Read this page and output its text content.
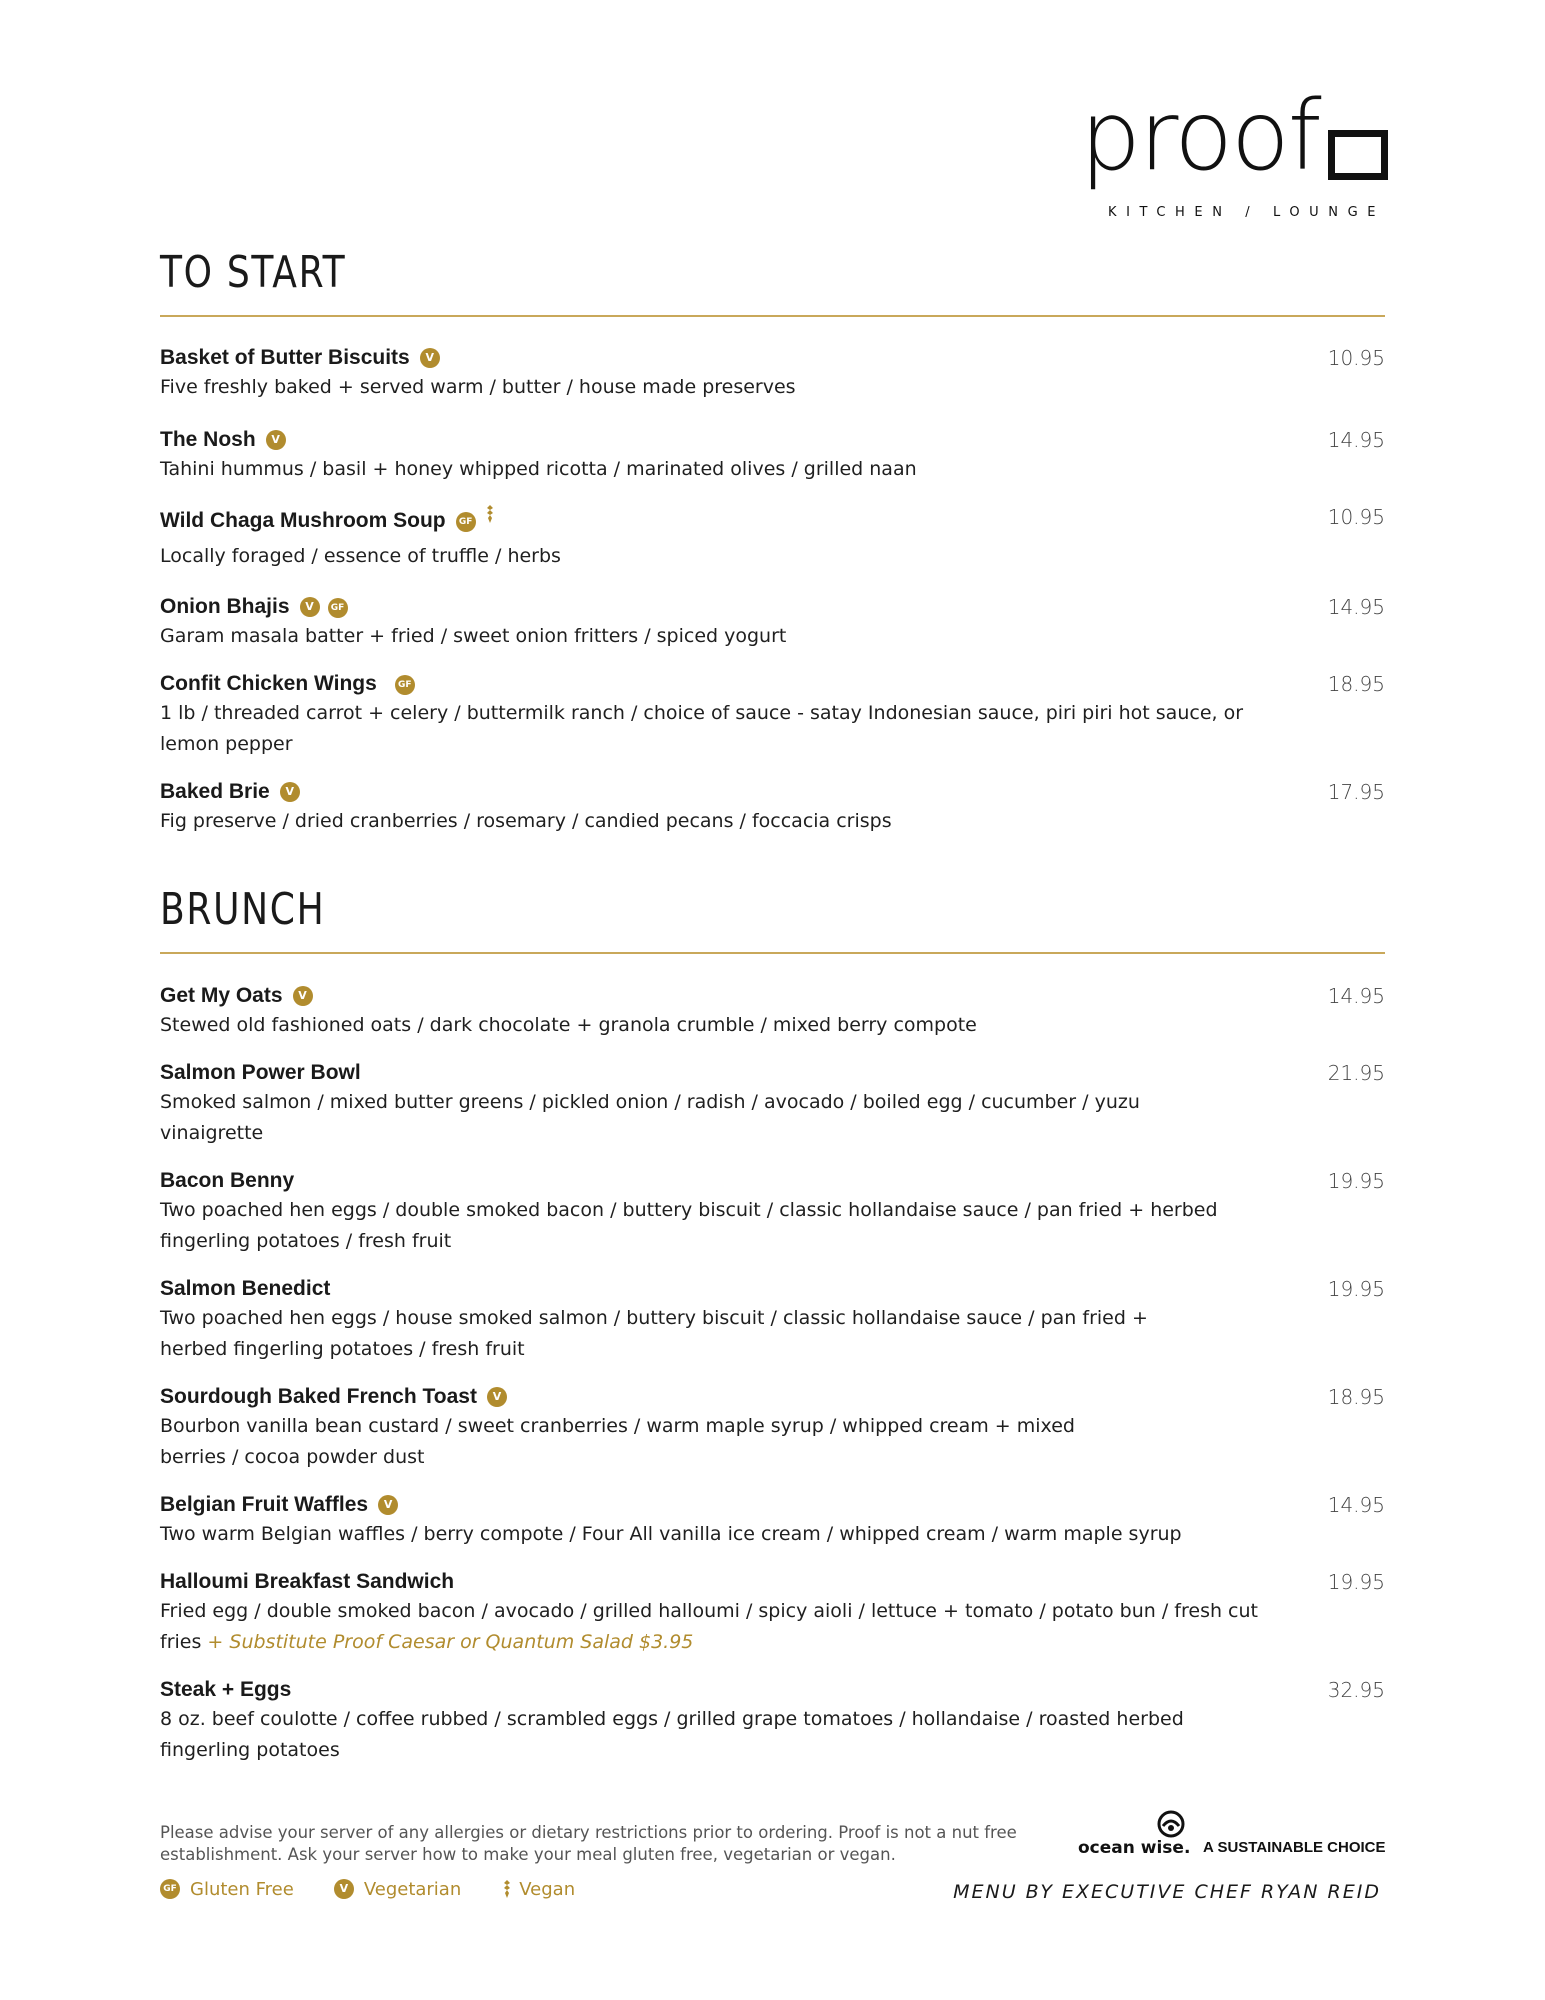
proof
KITCHEN / LOUNGE
TO START
Basket of Butter Biscuits V
Five freshly baked + served warm / butter / house made preserves
10.95
The Nosh V
Tahini hummus / basil + honey whipped ricotta / marinated olives / grilled naan
14.95
Wild Chaga Mushroom Soup GF
Locally foraged / essence of truffle / herbs
10.95
Onion Bhajis V GF
Garam masala batter + fried / sweet onion fritters / spiced yogurt
14.95
Confit Chicken Wings GF
1 lb / threaded carrot + celery / buttermilk ranch / choice of sauce - satay Indonesian sauce, piri piri hot sauce, or lemon pepper
18.95
Baked Brie V
Fig preserve / dried cranberries / rosemary / candied pecans / foccacia crisps
17.95
BRUNCH
Get My Oats V
Stewed old fashioned oats / dark chocolate + granola crumble / mixed berry compote
14.95
Salmon Power Bowl
Smoked salmon / mixed butter greens / pickled onion / radish / avocado / boiled egg / cucumber / yuzu vinaigrette
21.95
Bacon Benny
Two poached hen eggs / double smoked bacon / buttery biscuit / classic hollandaise sauce / pan fried + herbed fingerling potatoes / fresh fruit
19.95
Salmon Benedict
Two poached hen eggs / house smoked salmon / buttery biscuit / classic hollandaise sauce / pan fried + herbed fingerling potatoes / fresh fruit
19.95
Sourdough Baked French Toast V
Bourbon vanilla bean custard / sweet cranberries / warm maple syrup / whipped cream + mixed berries / cocoa powder dust
18.95
Belgian Fruit Waffles V
Two warm Belgian waffles / berry compote / Four All vanilla ice cream / whipped cream / warm maple syrup
14.95
Halloumi Breakfast Sandwich
Fried egg / double smoked bacon / avocado / grilled halloumi / spicy aioli / lettuce + tomato / potato bun / fresh cut fries + Substitute Proof Caesar or Quantum Salad $3.95
19.95
Steak + Eggs
8 oz. beef coulotte / coffee rubbed / scrambled eggs / grilled grape tomatoes / hollandaise / roasted herbed fingerling potatoes
32.95
Please advise your server of any allergies or dietary restrictions prior to ordering. Proof is not a nut free establishment. Ask your server how to make your meal gluten free, vegetarian or vegan.
GF Gluten Free	V Vegetarian	Vegan
ocean wise. A SUSTAINABLE CHOICE
MENU BY EXECUTIVE CHEF RYAN REID
